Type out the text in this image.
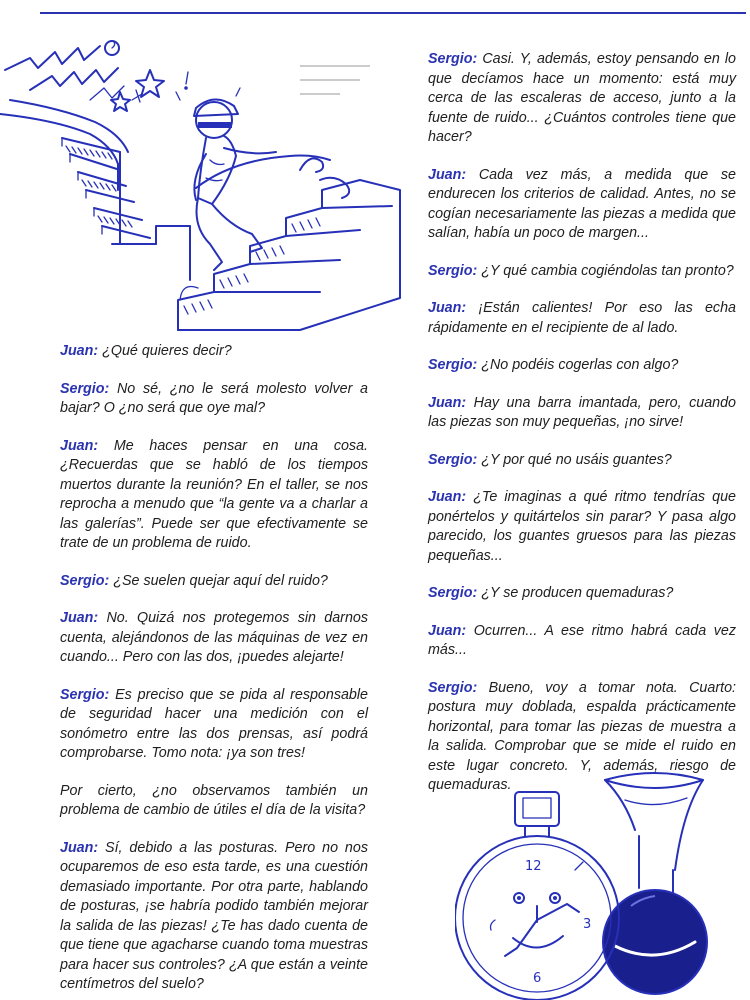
12
3
6

Juan: ¿Qué quieres decir?

Sergio: No sé, ¿no le será molesto volver a bajar? O ¿no será que oye mal?

Juan: Me haces pensar en una cosa. ¿Recuerdas que se habló de los tiempos muertos durante la reunión? En el taller, se nos reprocha a menudo que “la gente va a charlar a las galerías”. Puede ser que efectivamente se trate de un problema de ruido.

Sergio: ¿Se suelen quejar aquí del ruido?

Juan: No. Quizá nos protegemos sin darnos cuenta, alejándonos de las máquinas de vez en cuando... Pero con las dos, ¡puedes alejarte!

Sergio: Es preciso que se pida al responsable de seguridad hacer una medición con el sonómetro entre las dos prensas, así podrá comprobarse. Tomo nota: ¡ya son tres!

Por cierto, ¿no observamos también un problema de cambio de útiles el día de la visita?

Juan: Sí, debido a las posturas. Pero no nos ocuparemos de eso esta tarde, es una cuestión demasiado importante. Por otra parte, hablando de posturas, ¡se habría podido también mejorar la salida de las piezas! ¿Te has dado cuenta de que tiene que agacharse cuando toma muestras para hacer sus controles? ¿A que están a veinte centímetros del suelo?

Sergio: Casi. Y, además, estoy pensando en lo que decíamos hace un momento: está muy cerca de las escaleras de acceso, junto a la fuente de ruido... ¿Cuántos controles tiene que hacer?

Juan: Cada vez más, a medida que se endurecen los criterios de calidad. Antes, no se cogían necesariamente las piezas a medida que salían, había un poco de margen...

Sergio: ¿Y qué cambia cogiéndolas tan pronto?

Juan: ¡Están calientes! Por eso las echa rápidamente en el recipiente de al lado.

Sergio: ¿No podéis cogerlas con algo?

Juan: Hay una barra imantada, pero, cuando las piezas son muy pequeñas, ¡no sirve!

Sergio: ¿Y por qué no usáis guantes?

Juan: ¿Te imaginas a qué ritmo tendrías que ponértelos y quitártelos sin parar? Y pasa algo parecido, los guantes gruesos para las piezas pequeñas...

Sergio: ¿Y se producen quemaduras?

Juan: Ocurren... A ese ritmo habrá cada vez más...

Sergio: Bueno, voy a tomar nota. Cuarto: postura muy doblada, espalda prácticamente horizontal, para tomar las piezas de muestra a la salida. Comprobar que se mide el ruido en este lugar concreto. Y, además, riesgo de quemaduras.
